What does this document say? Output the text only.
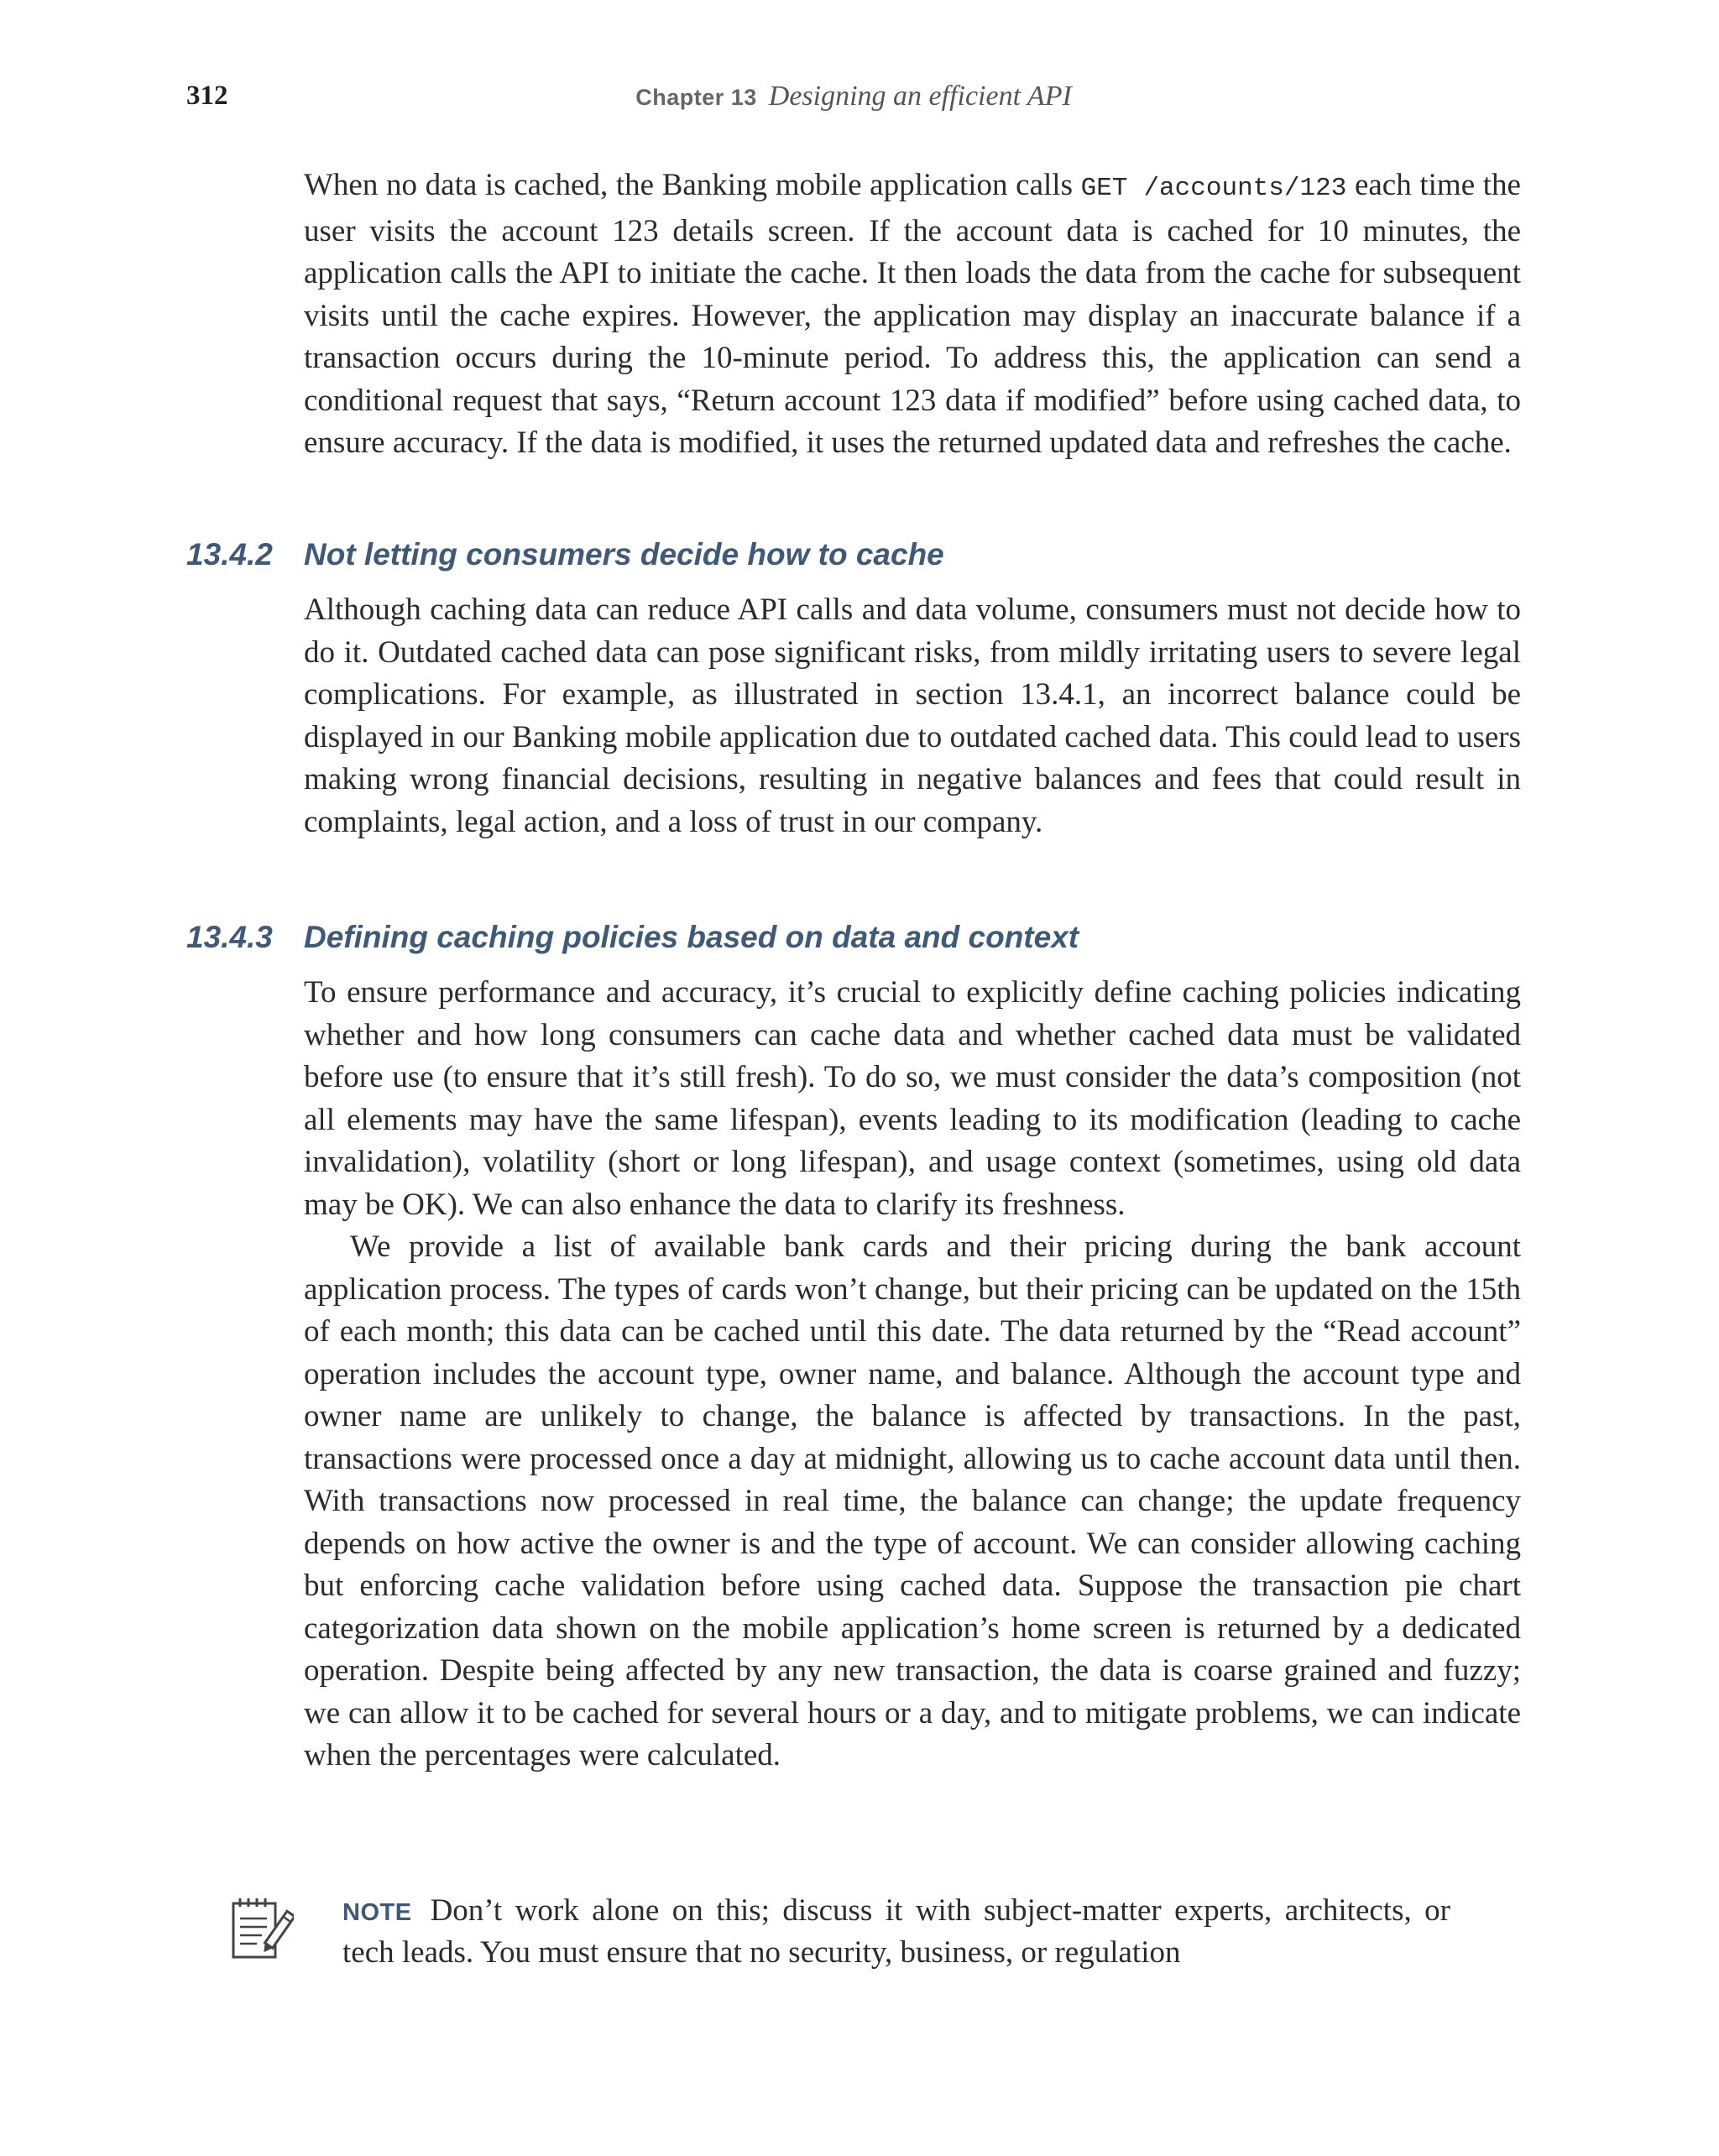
312	Chapter 13 Designing an efficient API

When no data is cached, the Banking mobile application calls GET /accounts/123 each time the user visits the account 123 details screen. If the account data is cached for 10 minutes, the application calls the API to initiate the cache. It then loads the data from the cache for subsequent visits until the cache expires. However, the application may display an inaccurate balance if a transaction occurs during the 10-minute period. To address this, the application can send a conditional request that says, “Return account 123 data if modified” before using cached data, to ensure accuracy. If the data is modified, it uses the returned updated data and refreshes the cache.

13.4.2 Not letting consumers decide how to cache

Although caching data can reduce API calls and data volume, consumers must not decide how to do it. Outdated cached data can pose significant risks, from mildly irritating users to severe legal complications. For example, as illustrated in section 13.4.1, an incorrect balance could be displayed in our Banking mobile application due to outdated cached data. This could lead to users making wrong financial decisions, resulting in negative balances and fees that could result in complaints, legal action, and a loss of trust in our company.

13.4.3 Defining caching policies based on data and context

To ensure performance and accuracy, it’s crucial to explicitly define caching policies indicating whether and how long consumers can cache data and whether cached data must be validated before use (to ensure that it’s still fresh). To do so, we must consider the data’s composition (not all elements may have the same lifespan), events leading to its modification (leading to cache invalidation), volatility (short or long lifespan), and usage context (sometimes, using old data may be OK). We can also enhance the data to clarify its freshness.

We provide a list of available bank cards and their pricing during the bank account application process. The types of cards won’t change, but their pricing can be updated on the 15th of each month; this data can be cached until this date. The data returned by the “Read account” operation includes the account type, owner name, and balance. Although the account type and owner name are unlikely to change, the balance is affected by transactions. In the past, transactions were processed once a day at midnight, allowing us to cache account data until then. With transactions now processed in real time, the balance can change; the update frequency depends on how active the owner is and the type of account. We can consider allowing caching but enforcing cache validation before using cached data. Suppose the transaction pie chart categorization data shown on the mobile application’s home screen is returned by a dedicated operation. Despite being affected by any new transaction, the data is coarse grained and fuzzy; we can allow it to be cached for several hours or a day, and to mitigate problems, we can indicate when the percentages were calculated.

NOTE Don’t work alone on this; discuss it with subject-matter experts, architects, or tech leads. You must ensure that no security, business, or regulation
